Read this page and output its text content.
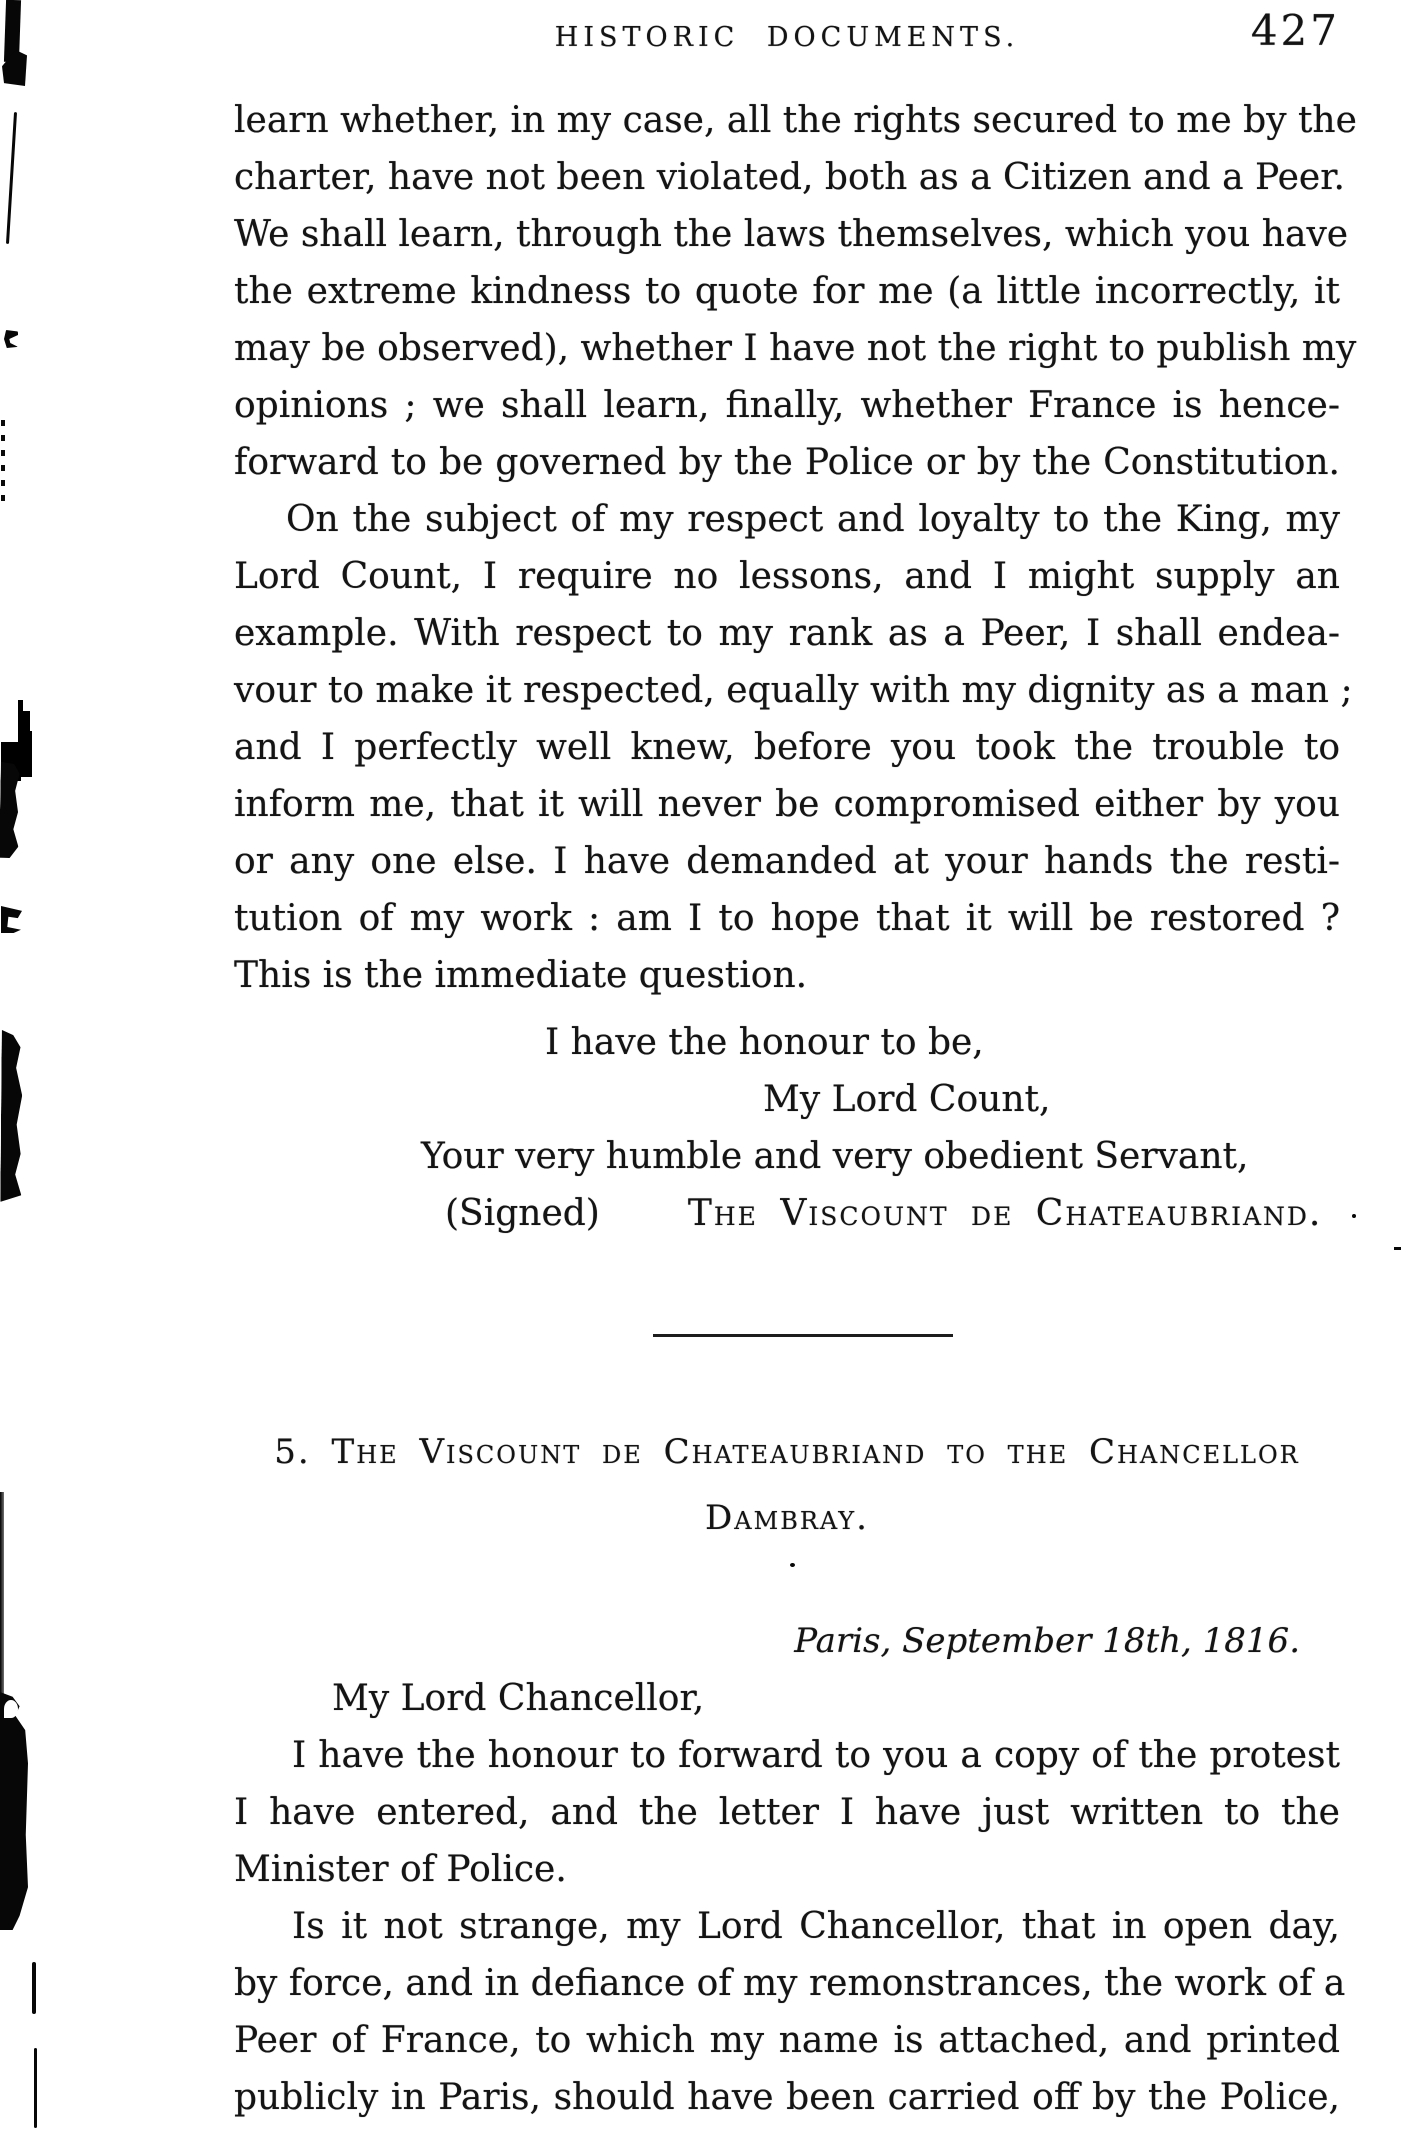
HISTORIC DOCUMENTS.	427
learn whether, in my case, all the rights secured to me by the
charter, have not been violated, both as a Citizen and a Peer.
We shall learn, through the laws themselves, which you have
the extreme kindness to quote for me (a little incorrectly, it
may be observed), whether I have not the right to publish my
opinions ; we shall learn, finally, whether France is hence-
forward to be governed by the Police or by the Constitution.
On the subject of my respect and loyalty to the King, my
Lord Count, I require no lessons, and I might supply an
example. With respect to my rank as a Peer, I shall endea-
vour to make it respected, equally with my dignity as a man ;
and I perfectly well knew, before you took the trouble to
inform me, that it will never be compromised either by you
or any one else. I have demanded at your hands the resti-
tution of my work : am I to hope that it will be restored ?
This is the immediate question.
I have the honour to be,
My Lord Count,
Your very humble and very obedient Servant,
(Signed) The Viscount de Chateaubriand.
5. The Viscount de Chateaubriand to the Chancellor
Dambray.
Paris, September 18th, 1816.
My Lord Chancellor,
I have the honour to forward to you a copy of the protest
I have entered, and the letter I have just written to the
Minister of Police.
Is it not strange, my Lord Chancellor, that in open day,
by force, and in defiance of my remonstrances, the work of a
Peer of France, to which my name is attached, and printed
publicly in Paris, should have been carried off by the Police,
